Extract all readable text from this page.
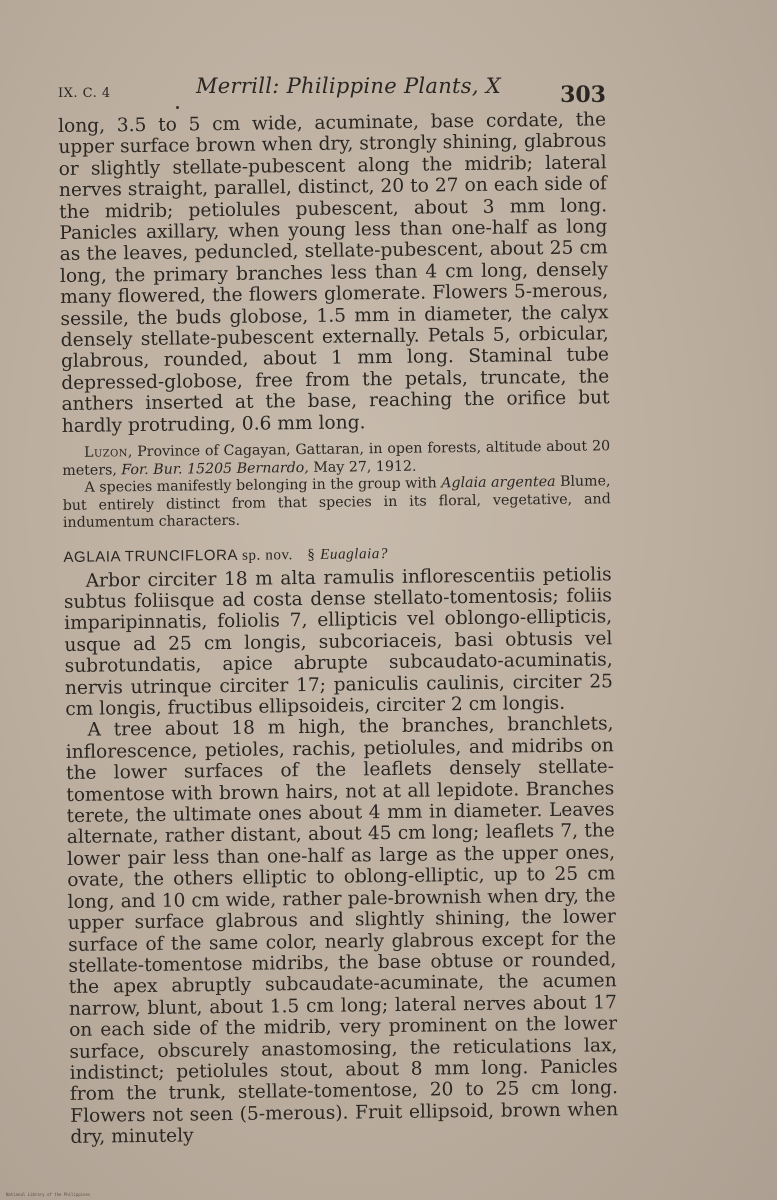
IX. C. 4	Merrill: Philippine Plants, X	303

long, 3.5 to 5 cm wide, acuminate, base cordate, the upper surface brown when dry, strongly shining, glabrous or slightly stellate-pubescent along the midrib; lateral nerves straight, parallel, distinct, 20 to 27 on each side of the midrib; petiolules pubescent, about 3 mm long. Panicles axillary, when young less than one-half as long as the leaves, peduncled, stellate-pubescent, about 25 cm long, the primary branches less than 4 cm long, densely many flowered, the flowers glomerate. Flowers 5-merous, sessile, the buds globose, 1.5 mm in diameter, the calyx densely stellate-pubescent externally. Petals 5, orbicular, glabrous, rounded, about 1 mm long. Staminal tube depressed-globose, free from the petals, truncate, the anthers inserted at the base, reaching the orifice but hardly protruding, 0.6 mm long.

Luzon, Province of Cagayan, Gattaran, in open forests, altitude about 20 meters, For. Bur. 15205 Bernardo, May 27, 1912.

A species manifestly belonging in the group with Aglaia argentea Blume, but entirely distinct from that species in its floral, vegetative, and indumentum characters.

AGLAIA TRUNCIFLORA sp. nov. § Euaglaia?

Arbor circiter 18 m alta ramulis inflorescentiis petiolis subtus foliisque ad costa dense stellato-tomentosis; foliis imparipinnatis, foliolis 7, ellipticis vel oblongo-ellipticis, usque ad 25 cm longis, subcoriaceis, basi obtusis vel subrotundatis, apice abrupte subcaudato-acuminatis, nervis utrinque circiter 17; paniculis caulinis, circiter 25 cm longis, fructibus ellipsoideis, circiter 2 cm longis.

A tree about 18 m high, the branches, branchlets, inflorescence, petioles, rachis, petiolules, and midribs on the lower surfaces of the leaflets densely stellate-tomentose with brown hairs, not at all lepidote. Branches terete, the ultimate ones about 4 mm in diameter. Leaves alternate, rather distant, about 45 cm long; leaflets 7, the lower pair less than one-half as large as the upper ones, ovate, the others elliptic to oblong-elliptic, up to 25 cm long, and 10 cm wide, rather pale-brownish when dry, the upper surface glabrous and slightly shining, the lower surface of the same color, nearly glabrous except for the stellate-tomentose midribs, the base obtuse or rounded, the apex abruptly subcaudate-acuminate, the acumen narrow, blunt, about 1.5 cm long; lateral nerves about 17 on each side of the midrib, very prominent on the lower surface, obscurely anastomosing, the reticulations lax, indistinct; petiolules stout, about 8 mm long. Panicles from the trunk, stellate-tomentose, 20 to 25 cm long. Flowers not seen (5-merous). Fruit ellipsoid, brown when dry, minutely

National Library of the Philippines
